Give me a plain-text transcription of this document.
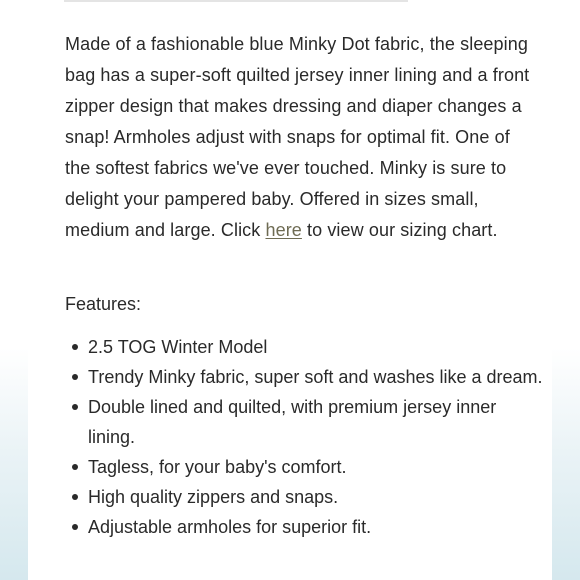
Made of a fashionable blue Minky Dot fabric, the sleeping bag has a super-soft quilted jersey inner lining and a front zipper design that makes dressing and diaper changes a snap! Armholes adjust with snaps for optimal fit. One of the softest fabrics we've ever touched. Minky is sure to delight your pampered baby. Offered in sizes small, medium and large. Click here to view our sizing chart.

Features:

2.5 TOG Winter Model
Trendy Minky fabric, super soft and washes like a dream.
Double lined and quilted, with premium jersey inner lining.
Tagless, for your baby's comfort.
High quality zippers and snaps.
Adjustable armholes for superior fit.
